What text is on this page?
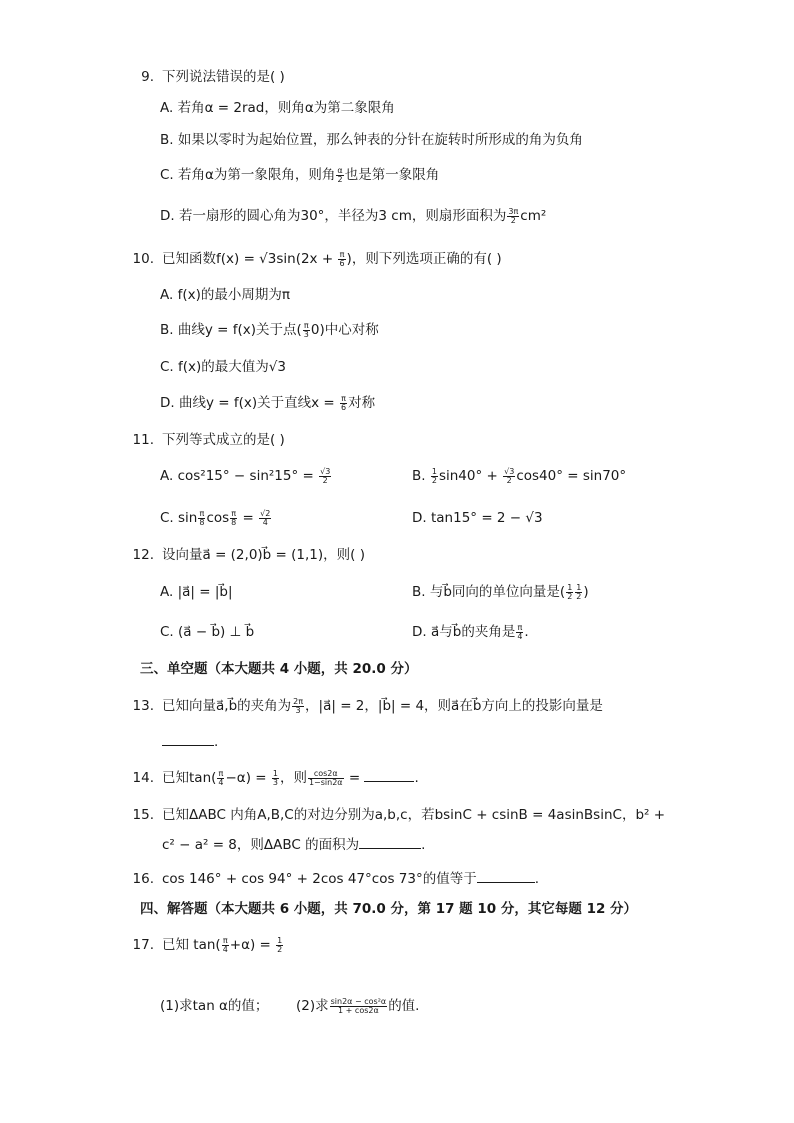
9. 下列说法错误的是( )
A. 若角α = 2rad，则角α为第二象限角
B. 如果以零时为起始位置，那么钟表的分针在旋转时所形成的角为负角
C. 若角α为第一象限角，则角 $\frac{\alpha}{2}$ 也是第一象限角
D. 若一扇形的圆心角为30°，半径为3 cm，则扇形面积为 $\frac{3\pi}{2} cm^2$
10. 已知函数$f(x) = √3\sin(2x + \frac{\pi}{6}$ )，则下列选项正确的有( )
A. f(x)的最小周期为π
B. 曲线y = f(x)关于点( $\frac{\pi}{3} 0$)中心对称
C. f(x)的最大值为√3
D. 曲线y = f(x)关于直线$x = \frac{\pi}{6}$ 对称
11. 下列等式成立的是( )
A. $\cos^215^\circ - \sin^215^\circ = \frac{√3}{2}$	B. $\frac{1}{2} \sin 40^\circ + \frac{√3}{2} \cos 40^\circ = \sin 70^\circ$
C. $\sin \frac{\pi}{8}$ $\cos \frac{\pi}{8} = \frac{√2}{4}$	D. tan15° = 2 − √3
12. 设向量a⃗ = (2,0)b⃗ = (1,1)，则( )
A. |a⃗| = |b⃗|	B. 与b⃗同向的单位向量是( $\frac{1}{2} \frac{1}{2}$ )
C. (a⃗ − b⃗) ⊥ b⃗	D. a⃗与b⃗的夹角是 $\frac{\pi}{4}$ .
三、单空题（本大题共 4 小题，共 20.0 分）
13. 已知向量a⃗,b⃗的夹角为 $\frac{2\pi}{3}$ ，|a⃗| = 2，|b⃗| = 4，则a⃗在b⃗方向上的投影向量是
.
14. 已知$\tan( \frac{\pi}{4} -\alpha) = \frac{1}{3}$ ，则 $\frac{\cos 2\alpha}{1-\sin 2\alpha}$ =	.
15. 已知ΔABC 内角A,B,C的对边分别为a,b,c，若bsinC + csinB = 4asinBsinC，b² +
c² − a² = 8，则ΔABC 的面积为	.
16. cos 146° + cos 94° + 2cos 47°cos 73°的值等于	.
四、解答题（本大题共 6 小题，共 70.0 分，第 17 题 10 分，其它每题 12 分）
17. 已知 $\tan( \frac{\pi}{4} +\alpha) = \frac{1}{2}$
(1)求tan α的值； (2)求 $\frac{\text{sin2α − cos²α}}{1 + \cos 2\alpha}$ 的值.
